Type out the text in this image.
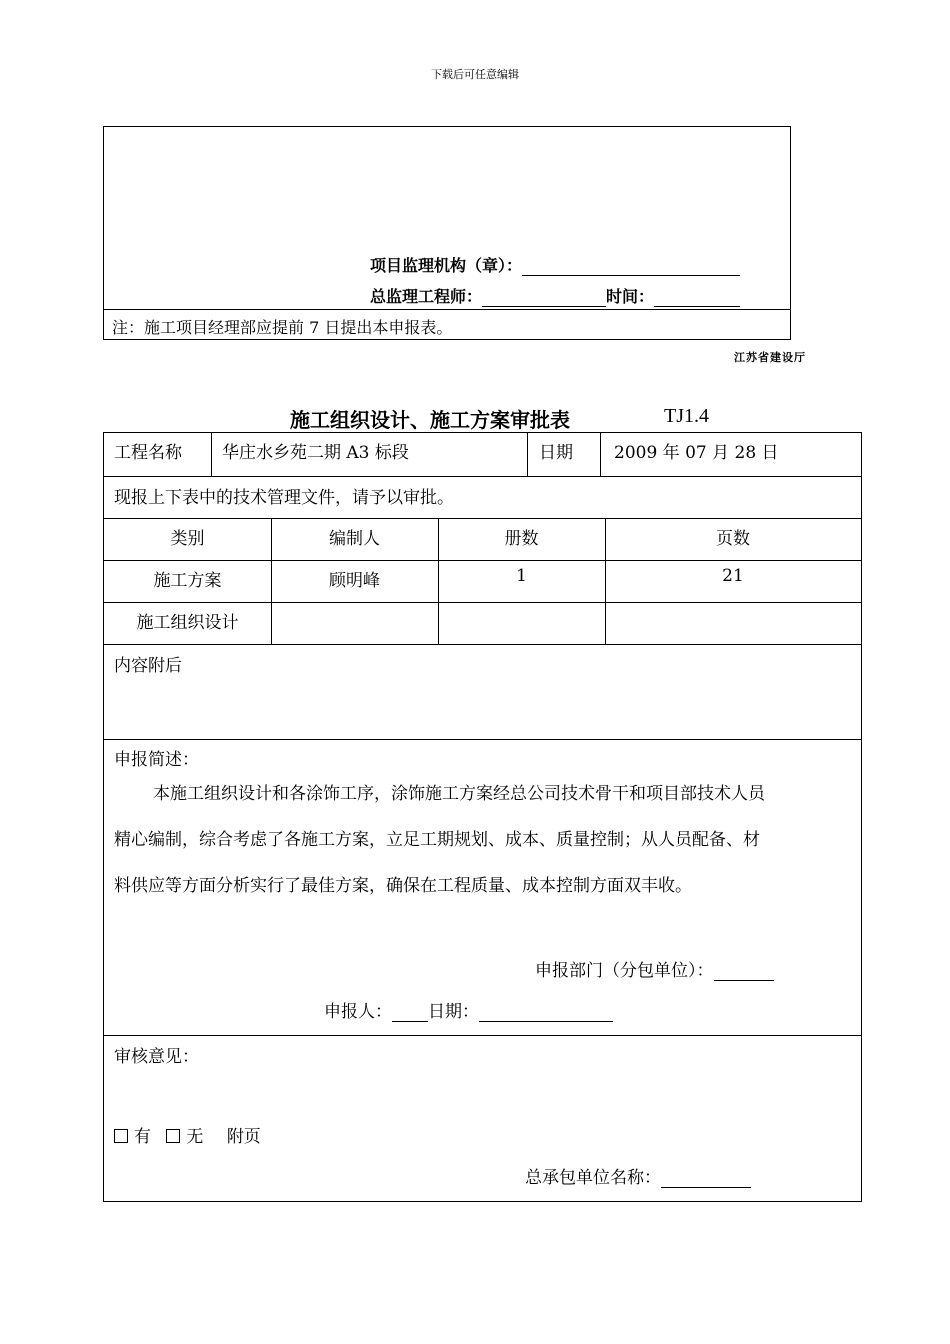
下载后可任意编辑
项目监理机构（章）：
总监理工程师：	时间：
注：施工项目经理部应提前 7 日提出本申报表。
江苏省建设厅
施工组织设计、施工方案审批表	TJ1.4
工程名称 华庄水乡苑二期 A3 标段	日期 2009 年 07 月 28 日
现报上下表中的技术管理文件，请予以审批。
类别	编制人	册数	页数
施工方案	顾明峰	1	21
施工组织设计
内容附后
申报简述：
本施工组织设计和各涂饰工序，涂饰施工方案经总公司技术骨干和项目部技术人员
精心编制，综合考虑了各施工方案，立足工期规划、成本、质量控制；从人员配备、材
料供应等方面分析实行了最佳方案，确保在工程质量、成本控制方面双丰收。
申报部门（分包单位）：
申报人： 日期：
审核意见：
有 无 附页
总承包单位名称：
